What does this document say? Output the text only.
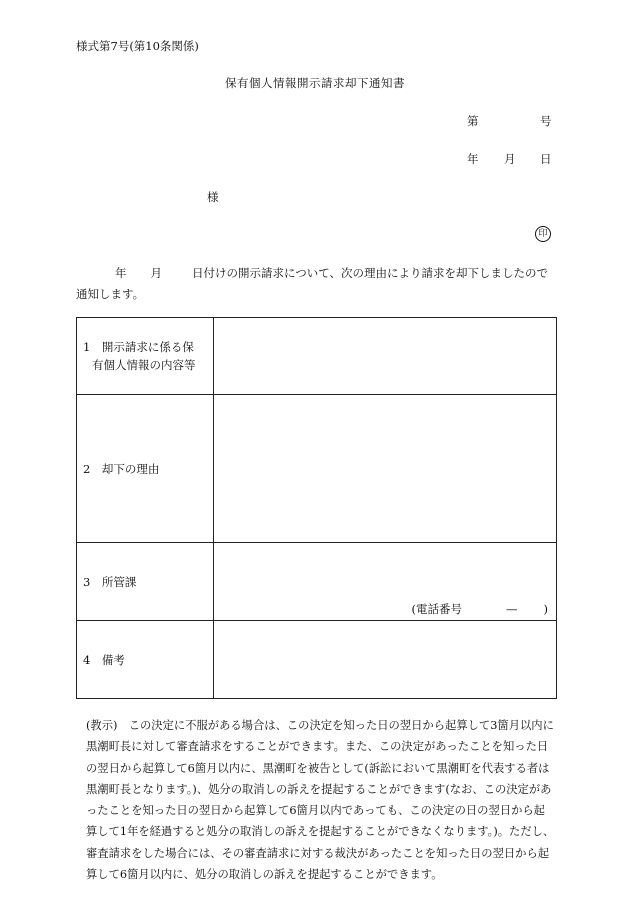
様式第7号(第10条関係)
保有個人情報開示請求却下通知書
第	号
年 月 日
様
印
年 月	日付けの開示請求について、次の理由により請求を却下しましたので
通知します。
1　開示請求に係る保
有個人情報の内容等	

2　却下の理由	
3　所管課	(電話番号 — )

4　備考	
(教示)　この決定に不服がある場合は、この決定を知った日の翌日から起算して3箇月以内に黒潮町長に対して審査請求をすることができます。また、この決定があったことを知った日の翌日から起算して6箇月以内に、黒潮町を被告として(訴訟において黒潮町を代表する者は黒潮町長となります。)、処分の取消しの訴えを提起することができます(なお、この決定があったことを知った日の翌日から起算して6箇月以内であっても、この決定の日の翌日から起算して1年を経過すると処分の取消しの訴えを提起することができなくなります。)。ただし、審査請求をした場合には、その審査請求に対する裁決があったことを知った日の翌日から起算して6箇月以内に、処分の取消しの訴えを提起することができます。
